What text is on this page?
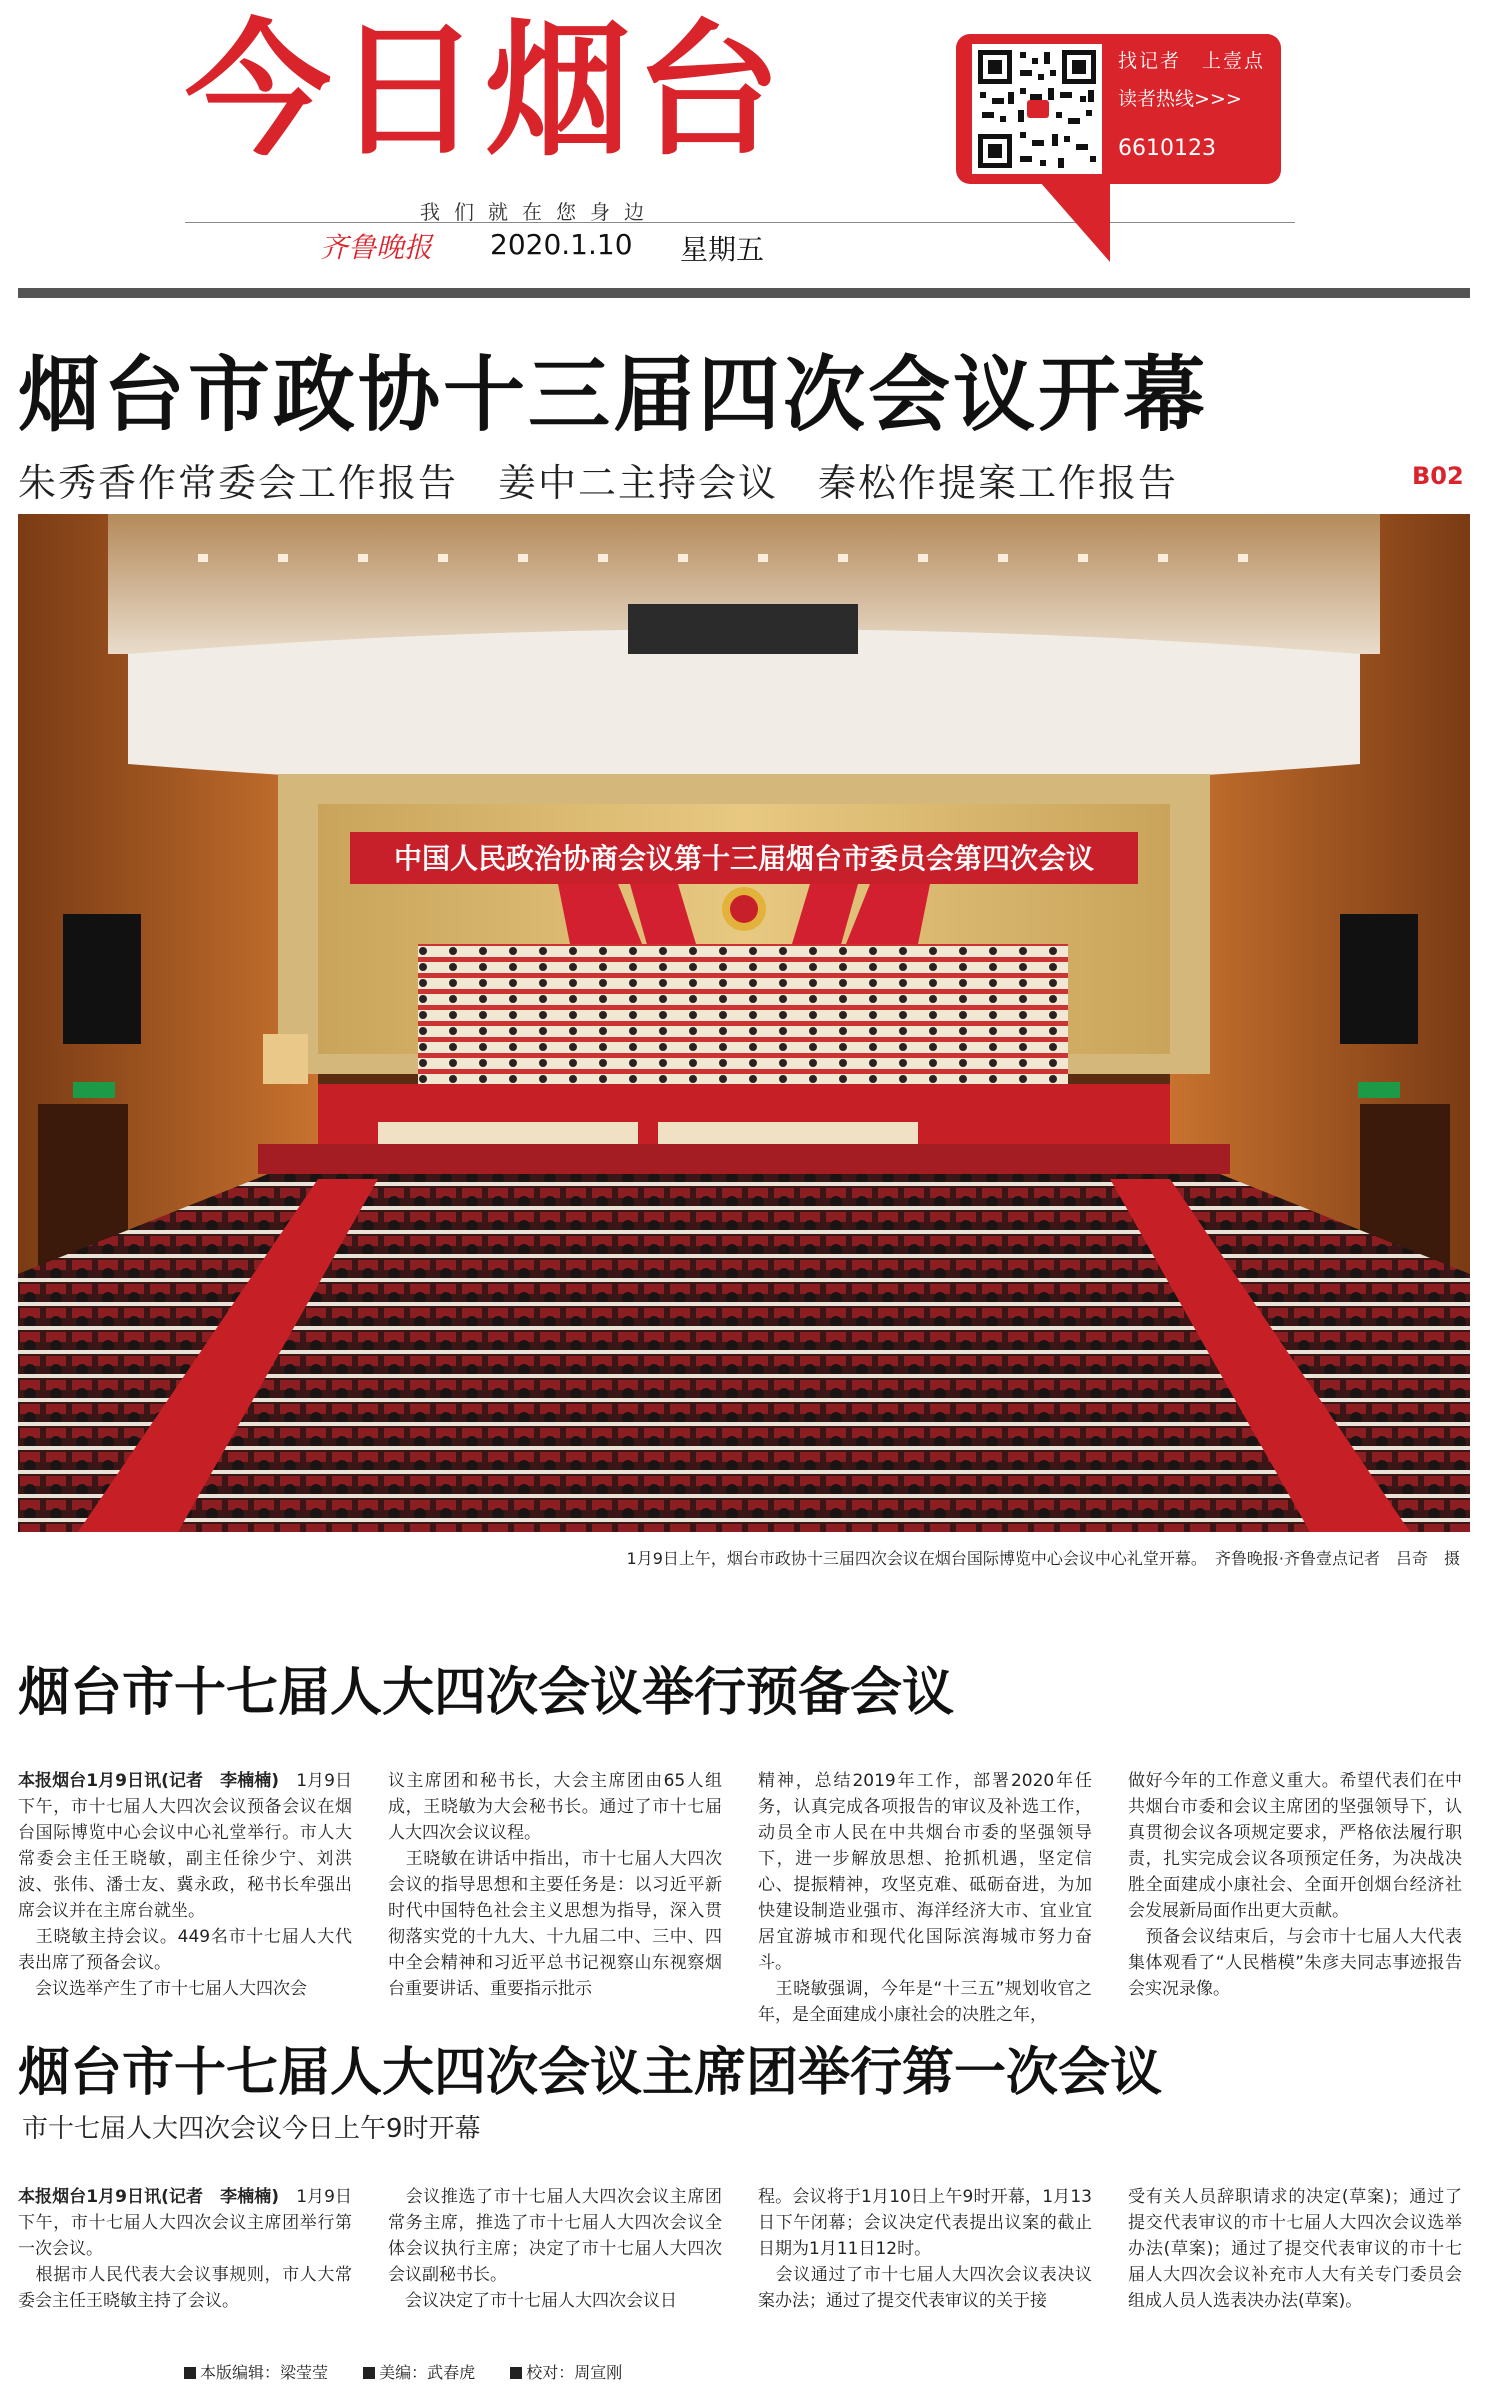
今日烟台
我们就在您身边
齐鲁晚报 2020.1.10 星期五
找记者　上壹点
读者热线>>>
6610123
烟台市政协十三届四次会议开幕
朱秀香作常委会工作报告　姜中二主持会议　秦松作提案工作报告	B02
中国人民政治协商会议第十三届烟台市委员会第四次会议
1月9日上午，烟台市政协十三届四次会议在烟台国际博览中心会议中心礼堂开幕。　齐鲁晚报·齐鲁壹点记者　吕奇　摄
烟台市十七届人大四次会议举行预备会议
本报烟台1月9日讯(记者　李楠楠)　1月9日下午，市十七届人大四次会议预备会议在烟台国际博览中心会议中心礼堂举行。市人大常委会主任王晓敏，副主任徐少宁、刘洪波、张伟、潘士友、冀永政，秘书长牟强出席会议并在主席台就坐。
　王晓敏主持会议。449名市十七届人大代表出席了预备会议。
　会议选举产生了市十七届人大四次会
议主席团和秘书长，大会主席团由65人组成，王晓敏为大会秘书长。通过了市十七届人大四次会议议程。
　王晓敏在讲话中指出，市十七届人大四次会议的指导思想和主要任务是：以习近平新时代中国特色社会主义思想为指导，深入贯彻落实党的十九大、十九届二中、三中、四中全会精神和习近平总书记视察山东视察烟台重要讲话、重要指示批示
精神，总结2019年工作，部署2020年任务，认真完成各项报告的审议及补选工作，动员全市人民在中共烟台市委的坚强领导下，进一步解放思想、抢抓机遇，坚定信心、提振精神，攻坚克难、砥砺奋进，为加快建设制造业强市、海洋经济大市、宜业宜居宜游城市和现代化国际滨海城市努力奋斗。
　王晓敏强调，今年是“十三五”规划收官之年，是全面建成小康社会的决胜之年，
做好今年的工作意义重大。希望代表们在中共烟台市委和会议主席团的坚强领导下，认真贯彻会议各项规定要求，严格依法履行职责，扎实完成会议各项预定任务，为决战决胜全面建成小康社会、全面开创烟台经济社会发展新局面作出更大贡献。
　预备会议结束后，与会市十七届人大代表集体观看了“人民楷模”朱彦夫同志事迹报告会实况录像。
烟台市十七届人大四次会议主席团举行第一次会议
市十七届人大四次会议今日上午9时开幕
本报烟台1月9日讯(记者　李楠楠)　1月9日下午，市十七届人大四次会议主席团举行第一次会议。
　根据市人民代表大会议事规则，市人大常委会主任王晓敏主持了会议。
　会议推选了市十七届人大四次会议主席团常务主席，推选了市十七届人大四次会议全体会议执行主席；决定了市十七届人大四次会议副秘书长。
　会议决定了市十七届人大四次会议日
程。会议将于1月10日上午9时开幕，1月13日下午闭幕；会议决定代表提出议案的截止日期为1月11日12时。
　会议通过了市十七届人大四次会议表决议案办法；通过了提交代表审议的关于接
受有关人员辞职请求的决定(草案)；通过了提交代表审议的市十七届人大四次会议选举办法(草案)；通过了提交代表审议的市十七届人大四次会议补充市人大有关专门委员会组成人员人选表决办法(草案)。
本版编辑：梁莹莹	美编：武春虎	校对：周宣刚
